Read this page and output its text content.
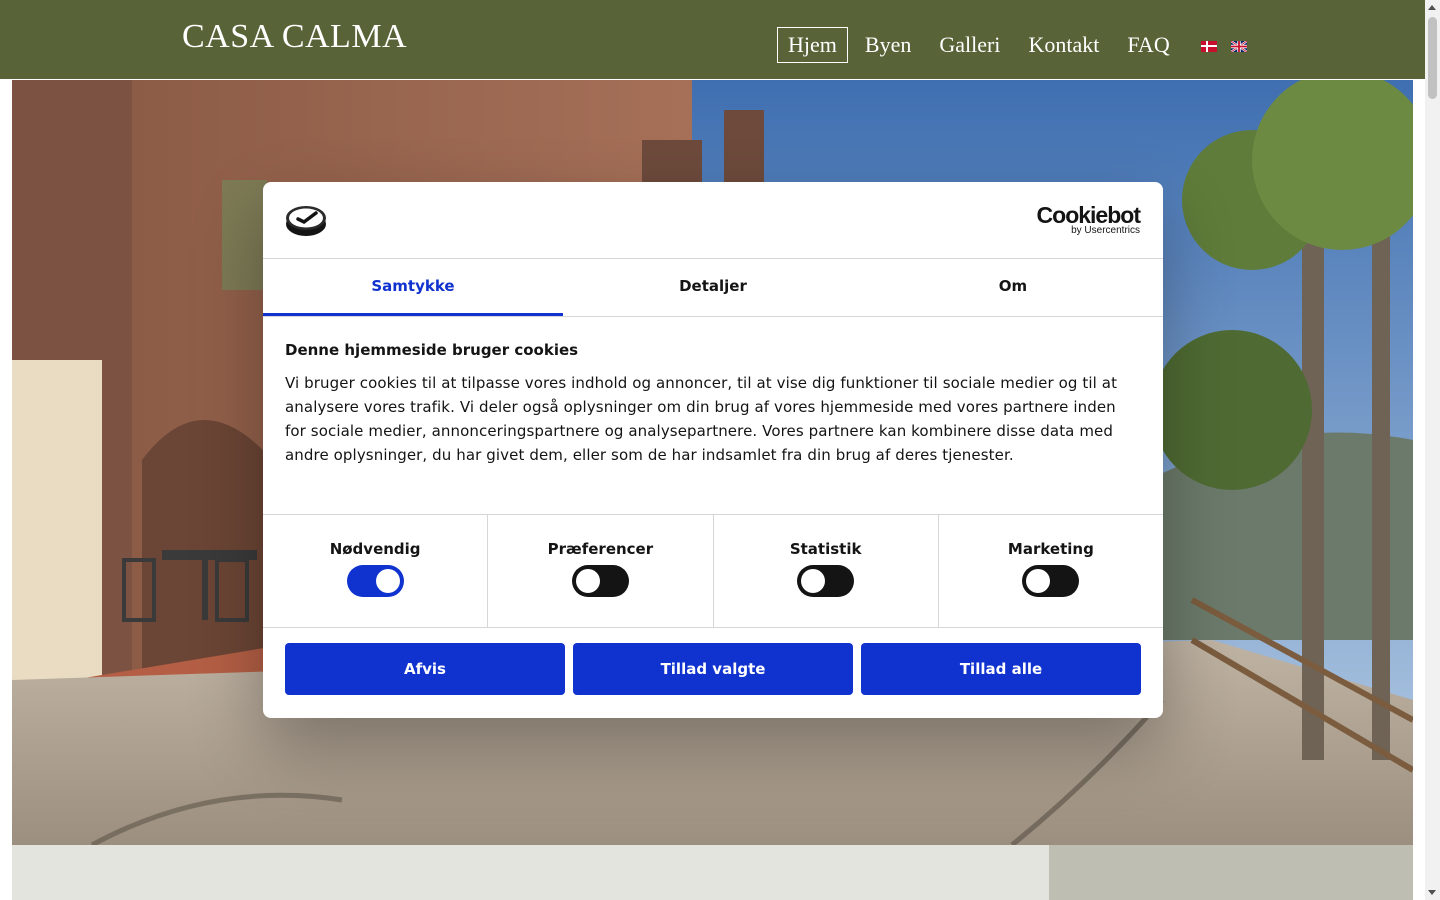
CASA CALMA	Hjem	Byen	Galleri	Kontakt	FAQ
Cookiebot
by Usercentrics
Samtykke	Detaljer	Om
Denne hjemmeside bruger cookies
Vi bruger cookies til at tilpasse vores indhold og annoncer, til at vise dig funktioner til sociale medier og til at analysere vores trafik. Vi deler også oplysninger om din brug af vores hjemmeside med vores partnere inden for sociale medier, annonceringspartnere og analysepartnere. Vores partnere kan kombinere disse data med andre oplysninger, du har givet dem, eller som de har indsamlet fra din brug af deres tjenester.
Nødvendig	Præferencer	Statistik	Marketing
Afvis	Tillad valgte	Tillad alle
